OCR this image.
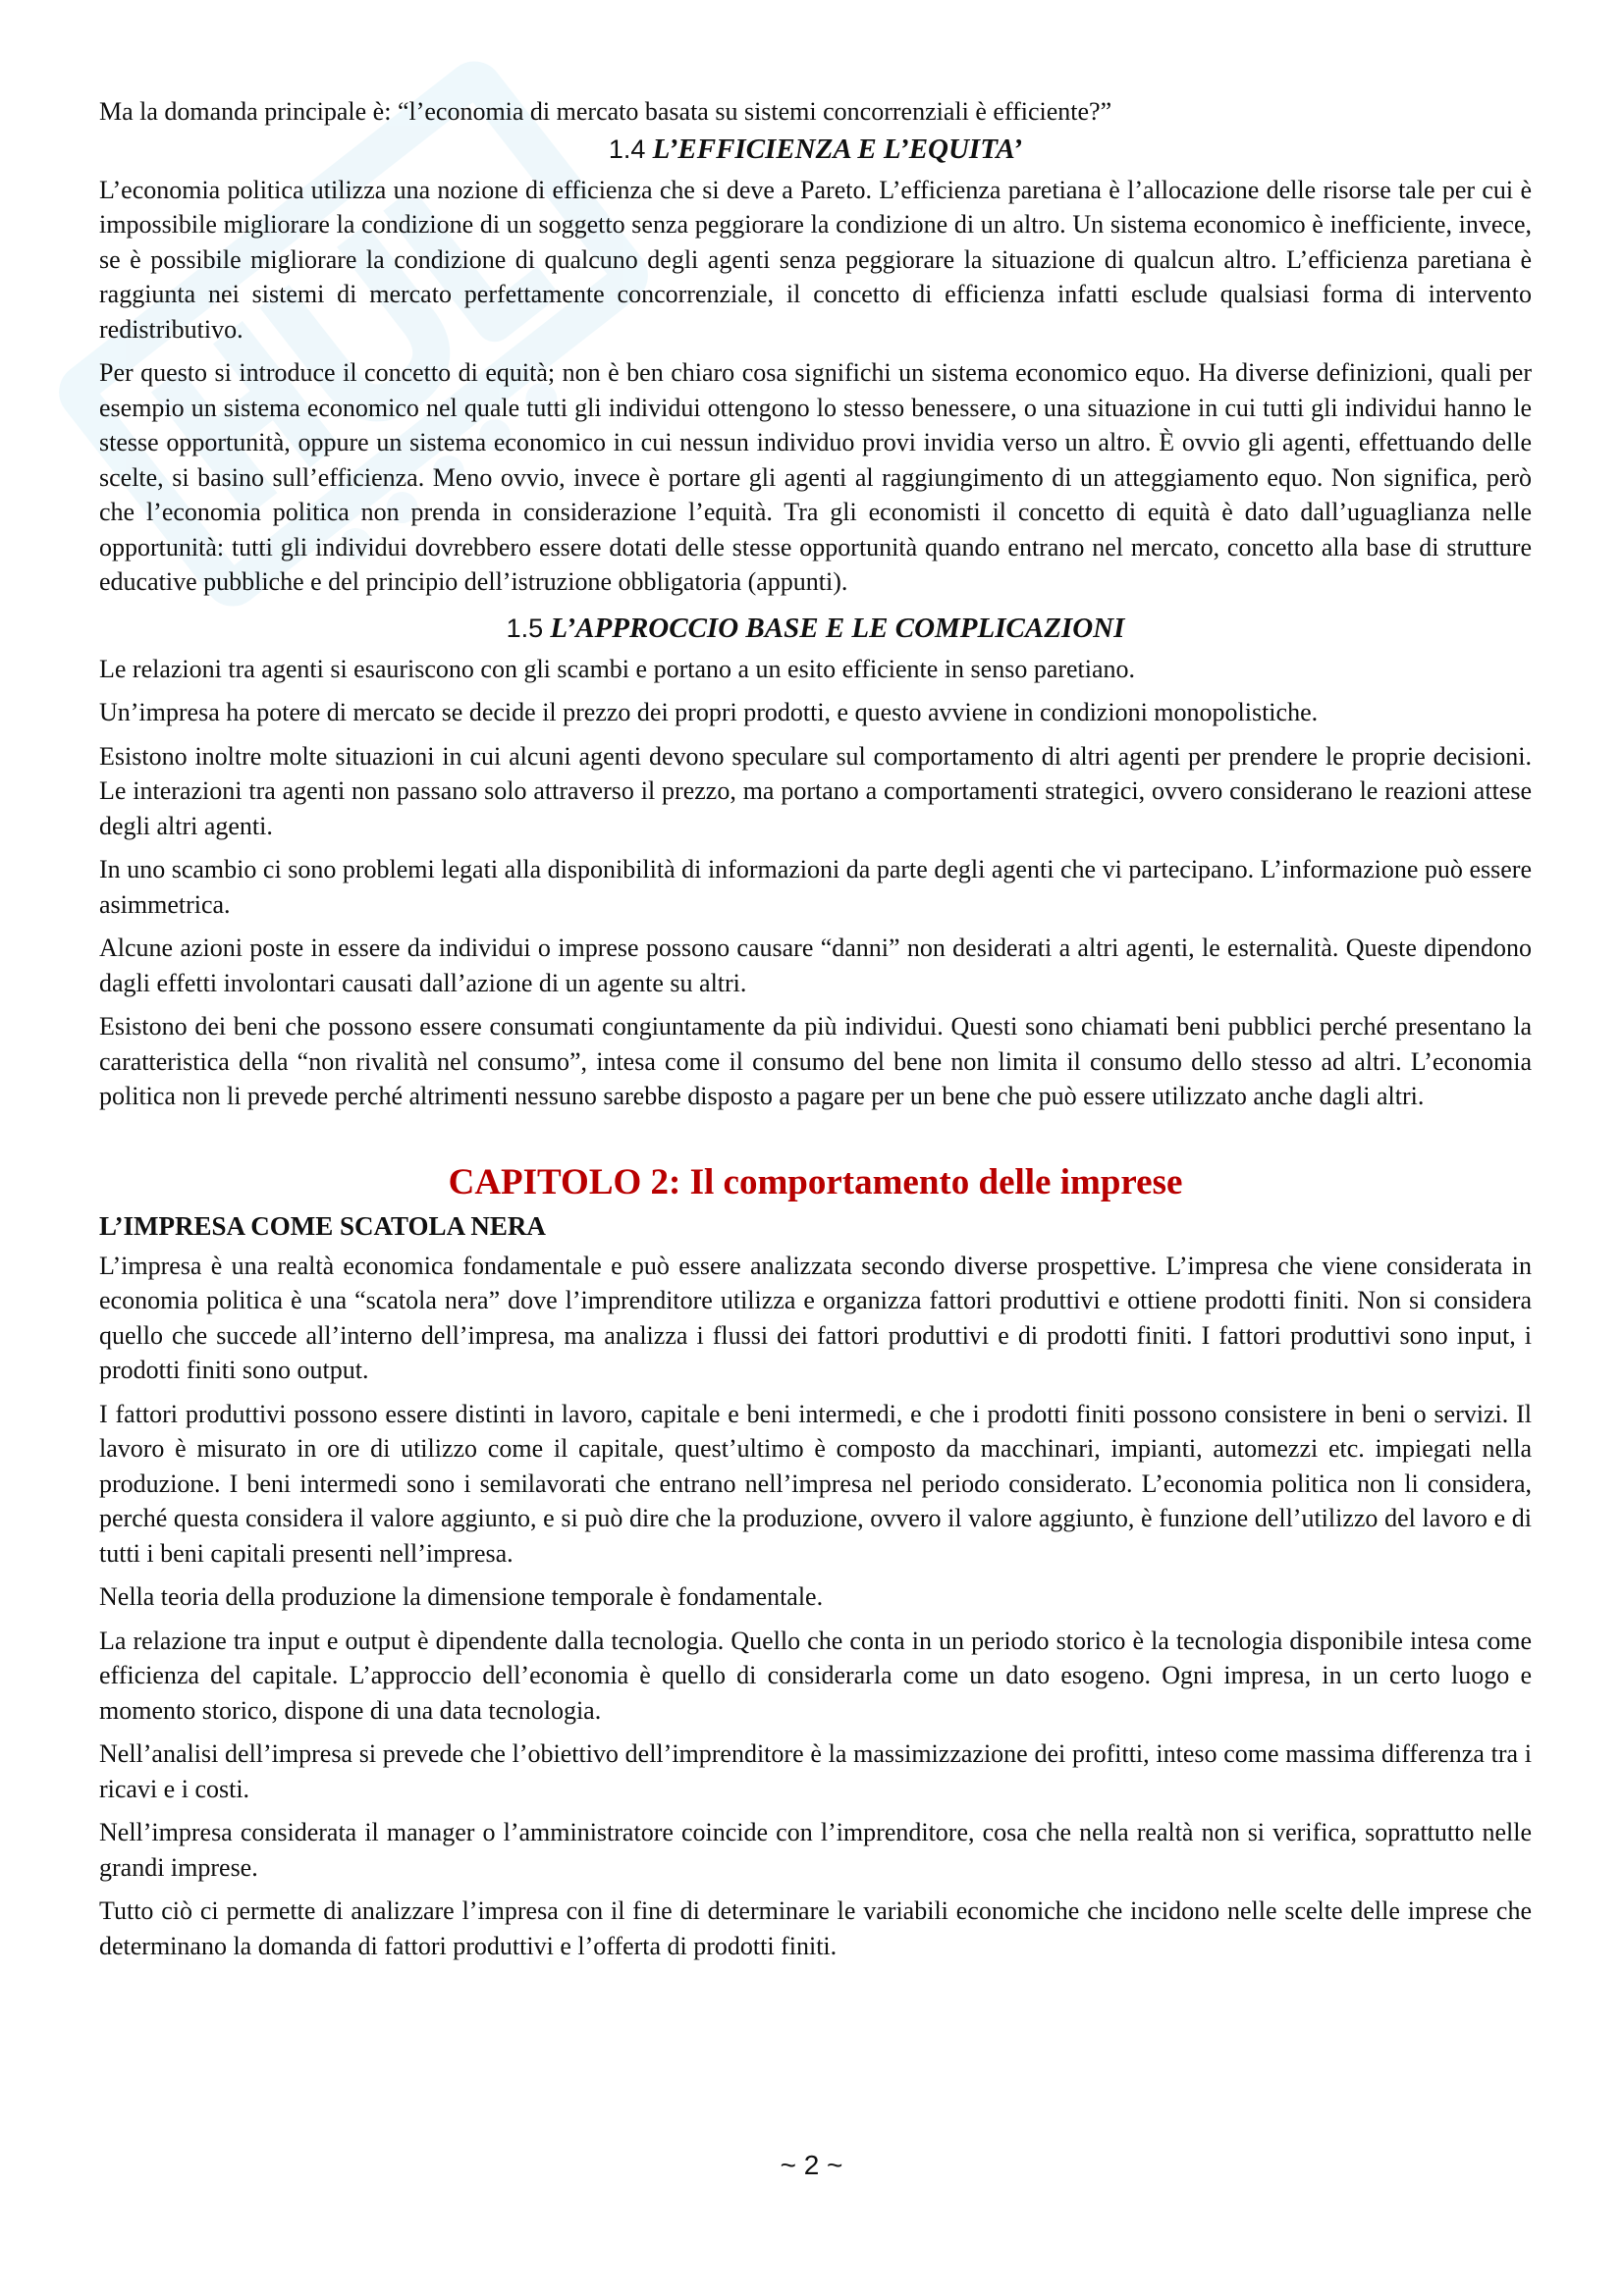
Ma la domanda principale è: “l’economia di mercato basata su sistemi concorrenziali è efficiente?”

1.4 L’EFFICIENZA E L’EQUITA’

L’economia politica utilizza una nozione di efficienza che si deve a Pareto. L’efficienza paretiana è l’allocazione delle risorse tale per cui è impossibile migliorare la condizione di un soggetto senza peggiorare la condizione di un altro. Un sistema economico è inefficiente, invece, se è possibile migliorare la condizione di qualcuno degli agenti senza peggiorare la situazione di qualcun altro. L’efficienza paretiana è raggiunta nei sistemi di mercato perfettamente concorrenziale, il concetto di efficienza infatti esclude qualsiasi forma di intervento redistributivo.

Per questo si introduce il concetto di equità; non è ben chiaro cosa significhi un sistema economico equo. Ha diverse definizioni, quali per esempio un sistema economico nel quale tutti gli individui ottengono lo stesso benessere, o una situazione in cui tutti gli individui hanno le stesse opportunità, oppure un sistema economico in cui nessun individuo provi invidia verso un altro. È ovvio gli agenti, effettuando delle scelte, si basino sull’efficienza. Meno ovvio, invece è portare gli agenti al raggiungimento di un atteggiamento equo. Non significa, però che l’economia politica non prenda in considerazione l’equità. Tra gli economisti il concetto di equità è dato dall’uguaglianza nelle opportunità: tutti gli individui dovrebbero essere dotati delle stesse opportunità quando entrano nel mercato, concetto alla base di strutture educative pubbliche e del principio dell’istruzione obbligatoria (appunti).

1.5 L’APPROCCIO BASE E LE COMPLICAZIONI

Le relazioni tra agenti si esauriscono con gli scambi e portano a un esito efficiente in senso paretiano.

Un’impresa ha potere di mercato se decide il prezzo dei propri prodotti, e questo avviene in condizioni monopolistiche.

Esistono inoltre molte situazioni in cui alcuni agenti devono speculare sul comportamento di altri agenti per prendere le proprie decisioni. Le interazioni tra agenti non passano solo attraverso il prezzo, ma portano a comportamenti strategici, ovvero considerano le reazioni attese degli altri agenti.

In uno scambio ci sono problemi legati alla disponibilità di informazioni da parte degli agenti che vi partecipano. L’informazione può essere asimmetrica.

Alcune azioni poste in essere da individui o imprese possono causare “danni” non desiderati a altri agenti, le esternalità. Queste dipendono dagli effetti involontari causati dall’azione di un agente su altri.

Esistono dei beni che possono essere consumati congiuntamente da più individui. Questi sono chiamati beni pubblici perché presentano la caratteristica della “non rivalità nel consumo”, intesa come il consumo del bene non limita il consumo dello stesso ad altri. L’economia politica non li prevede perché altrimenti nessuno sarebbe disposto a pagare per un bene che può essere utilizzato anche dagli altri.

CAPITOLO 2: Il comportamento delle imprese
L’IMPRESA COME SCATOLA NERA

L’impresa è una realtà economica fondamentale e può essere analizzata secondo diverse prospettive. L’impresa che viene considerata in economia politica è una “scatola nera” dove l’imprenditore utilizza e organizza fattori produttivi e ottiene prodotti finiti. Non si considera quello che succede all’interno dell’impresa, ma analizza i flussi dei fattori produttivi e di prodotti finiti. I fattori produttivi sono input, i prodotti finiti sono output.

I fattori produttivi possono essere distinti in lavoro, capitale e beni intermedi, e che i prodotti finiti possono consistere in beni o servizi. Il lavoro è misurato in ore di utilizzo come il capitale, quest’ultimo è composto da macchinari, impianti, automezzi etc. impiegati nella produzione. I beni intermedi sono i semilavorati che entrano nell’impresa nel periodo considerato. L’economia politica non li considera, perché questa considera il valore aggiunto, e si può dire che la produzione, ovvero il valore aggiunto, è funzione dell’utilizzo del lavoro e di tutti i beni capitali presenti nell’impresa.

Nella teoria della produzione la dimensione temporale è fondamentale.

La relazione tra input e output è dipendente dalla tecnologia. Quello che conta in un periodo storico è la tecnologia disponibile intesa come efficienza del capitale. L’approccio dell’economia è quello di considerarla come un dato esogeno. Ogni impresa, in un certo luogo e momento storico, dispone di una data tecnologia.

Nell’analisi dell’impresa si prevede che l’obiettivo dell’imprenditore è la massimizzazione dei profitti, inteso come massima differenza tra i ricavi e i costi.

Nell’impresa considerata il manager o l’amministratore coincide con l’imprenditore, cosa che nella realtà non si verifica, soprattutto nelle grandi imprese.

Tutto ciò ci permette di analizzare l’impresa con il fine di determinare le variabili economiche che incidono nelle scelte delle imprese che determinano la domanda di fattori produttivi e l’offerta di prodotti finiti.

~ 2 ~
